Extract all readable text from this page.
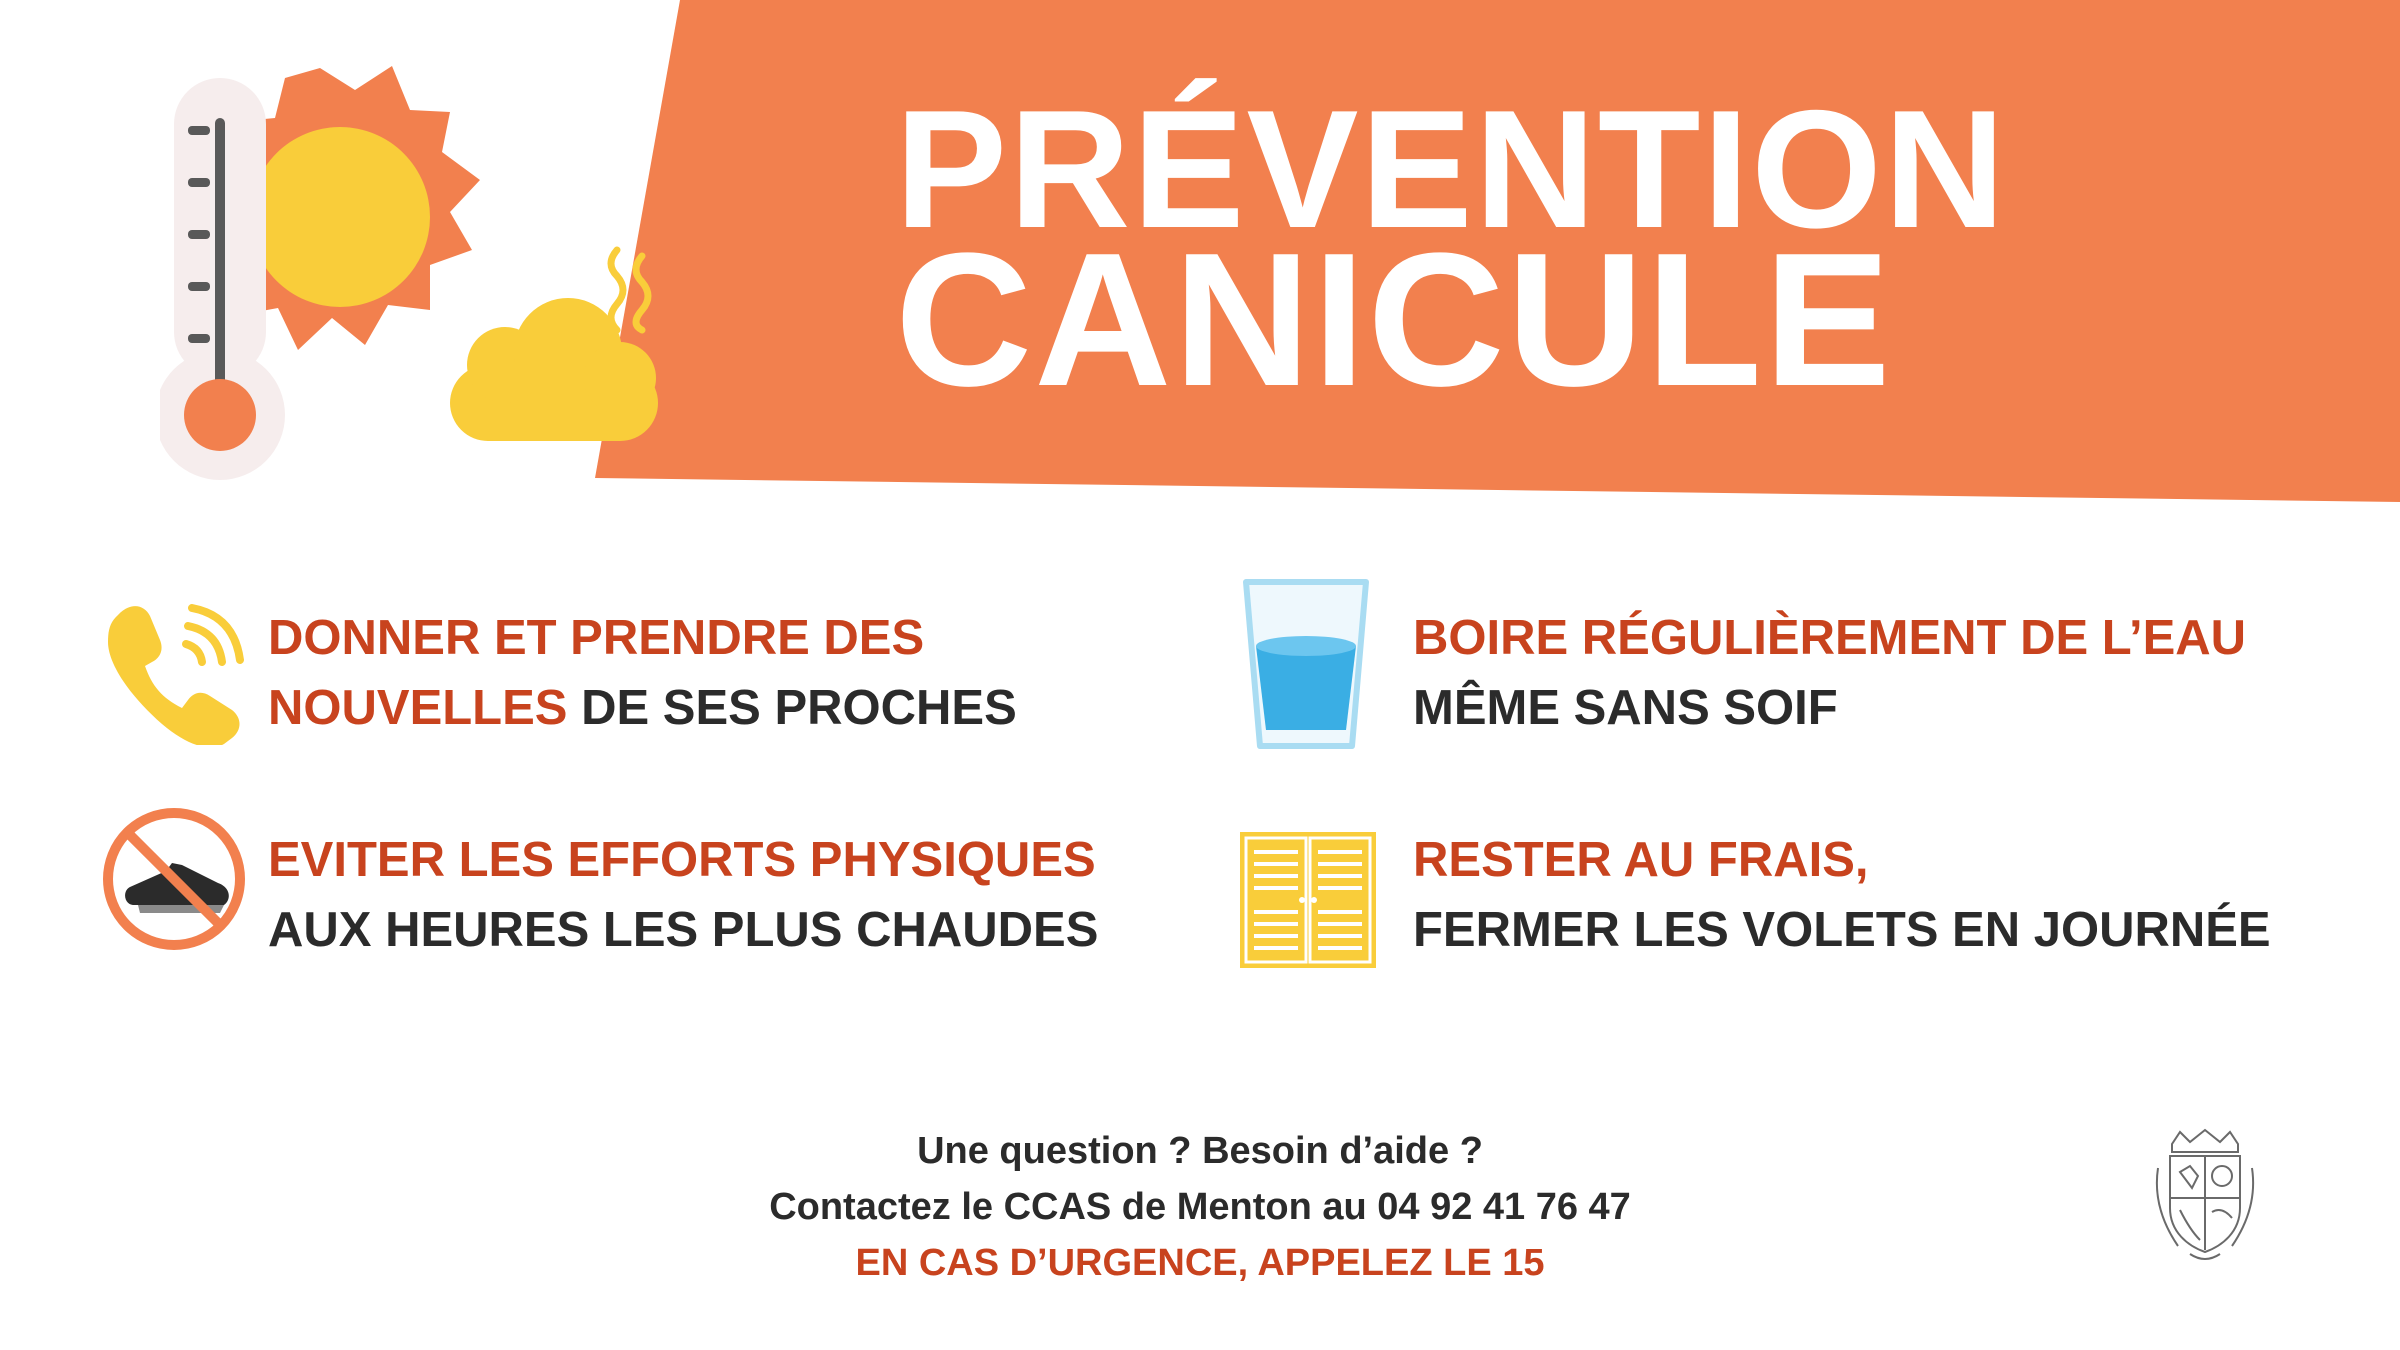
PRÉVENTION
CANICULE
DONNER ET PRENDRE DES
NOUVELLES DE SES PROCHES
BOIRE RÉGULIÈREMENT DE L’EAU
MÊME SANS SOIF
EVITER LES EFFORTS PHYSIQUES
AUX HEURES LES PLUS CHAUDES
RESTER AU FRAIS,
FERMER LES VOLETS EN JOURNÉE
Une question ? Besoin d’aide ?
Contactez le CCAS de Menton au 04 92 41 76 47
EN CAS D’URGENCE, APPELEZ LE 15
